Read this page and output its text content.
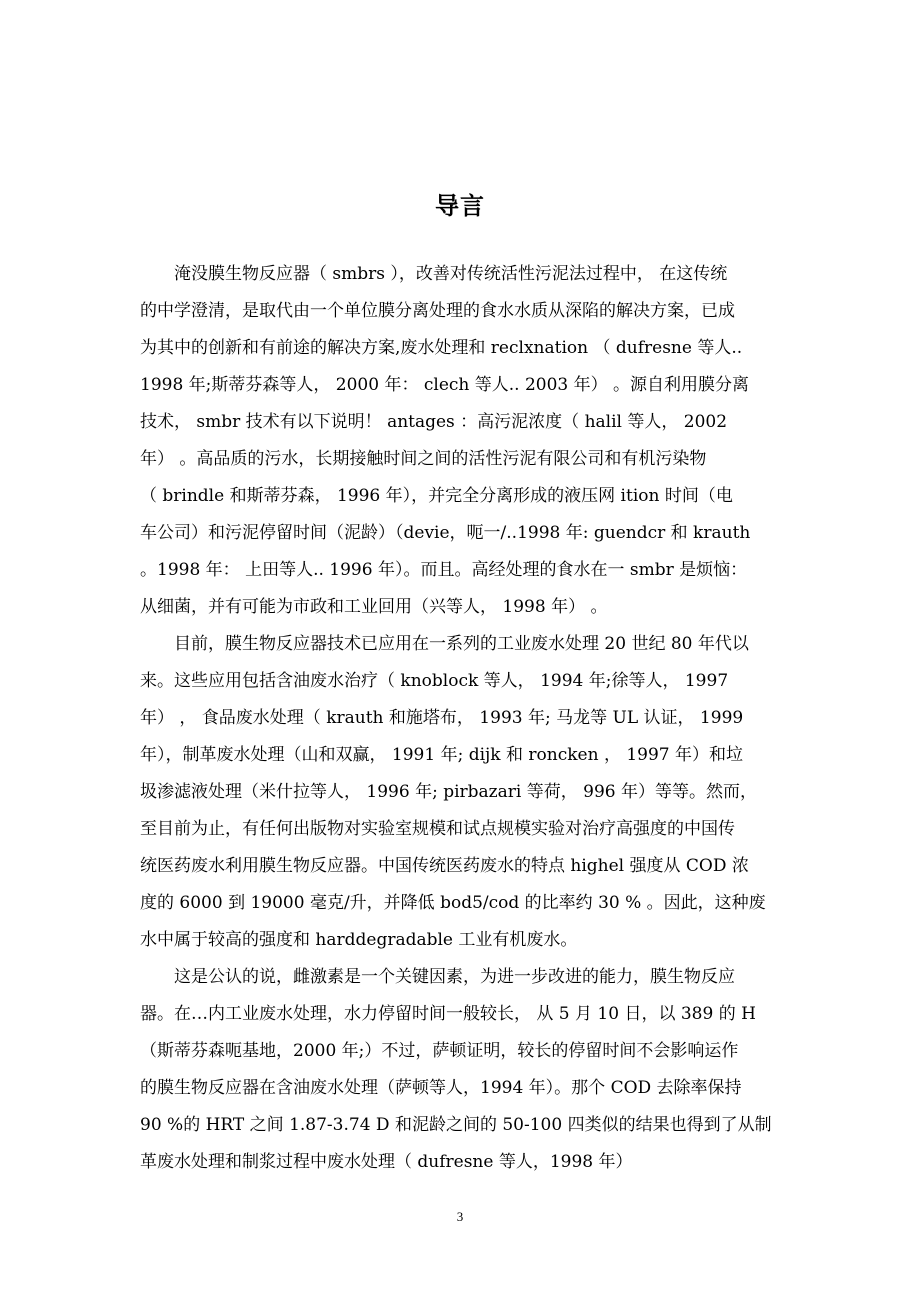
导言
淹没膜生物反应器（ smbrs ），改善对传统活性污泥法过程中， 在这传统
的中学澄清，是取代由一个单位膜分离处理的食水水质从深陷的解决方案，已成
为其中的创新和有前途的解决方案,废水处理和 reclxnation （ dufresne 等人..
1998 年;斯蒂芬森等人， 2000 年： clech 等人.. 2003 年） 。源自利用膜分离
技术， smbr 技术有以下说明！ antages ：高污泥浓度（ halil 等人， 2002
年） 。高品质的污水，长期接触时间之间的活性污泥有限公司和有机污染物
（ brindle 和斯蒂芬森， 1996 年），并完全分离形成的液压网 ition 时间（电
车公司）和污泥停留时间（泥龄）（devie，呃一/..1998 年: guendcr 和 krauth
。1998 年： 上田等人.. 1996 年）。而且。高经处理的食水在一 smbr 是烦恼：
从细菌，并有可能为市政和工业回用（兴等人， 1998 年） 。
目前，膜生物反应器技术已应用在一系列的工业废水处理 20 世纪 80 年代以
来。这些应用包括含油废水治疗（ knoblock 等人， 1994 年;徐等人， 1997
年） ， 食品废水处理（ krauth 和施塔布， 1993 年; 马龙等 UL 认证， 1999
年），制革废水处理（山和双赢， 1991 年; dijk 和 roncken ， 1997 年）和垃
圾渗滤液处理（米什拉等人， 1996 年; pirbazari 等荷， 996 年）等等。然而，
至目前为止，有任何出版物对实验室规模和试点规模实验对治疗高强度的中国传
统医药废水利用膜生物反应器。中国传统医药废水的特点 highel 强度从 COD 浓
度的 6000 到 19000 毫克/升，并降低 bod5/cod 的比率约 30 % 。因此，这种废
水中属于较高的强度和 harddegradable 工业有机废水。
这是公认的说，雌激素是一个关键因素，为进一步改进的能力，膜生物反应
器。在…内工业废水处理，水力停留时间一般较长， 从 5 月 10 日，以 389 的 H
（斯蒂芬森呃基地，2000 年;）不过，萨顿证明，较长的停留时间不会影响运作
的膜生物反应器在含油废水处理（萨顿等人，1994 年）。那个 COD 去除率保持
90 %的 HRT 之间 1.87-3.74 D 和泥龄之间的 50-100 四类似的结果也得到了从制
革废水处理和制浆过程中废水处理（ dufresne 等人，1998 年）
3
